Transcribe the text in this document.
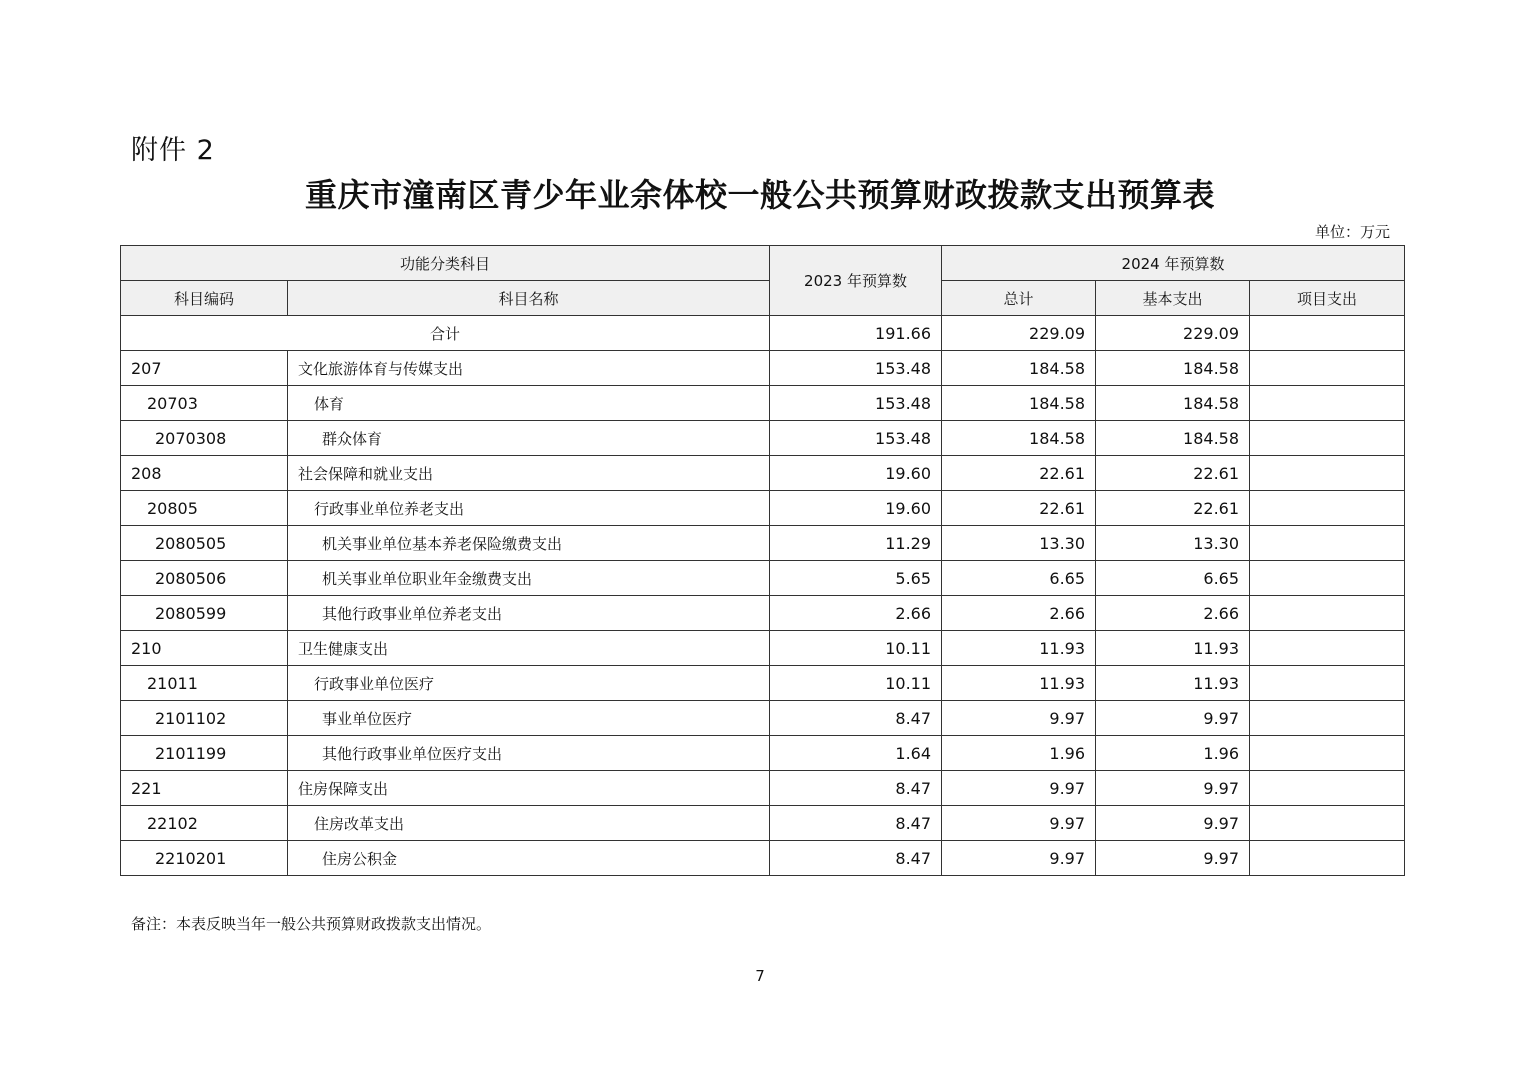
附件 2
重庆市潼南区青少年业余体校一般公共预算财政拨款支出预算表
单位：万元
功能分类科目		2023 年预算数	2024 年预算数		
科目编码	科目名称		总计	基本支出	项目支出
合计		191.66	229.09	229.09	
207	文化旅游体育与传媒支出	153.48	184.58	184.58	
20703	体育	153.48	184.58	184.58	
2070308	群众体育	153.48	184.58	184.58	
208	社会保障和就业支出	19.60	22.61	22.61	
20805	行政事业单位养老支出	19.60	22.61	22.61	
2080505	机关事业单位基本养老保险缴费支出	11.29	13.30	13.30	
2080506	机关事业单位职业年金缴费支出	5.65	6.65	6.65	
2080599	其他行政事业单位养老支出	2.66	2.66	2.66	
210	卫生健康支出	10.11	11.93	11.93	
21011	行政事业单位医疗	10.11	11.93	11.93	
2101102	事业单位医疗	8.47	9.97	9.97	
2101199	其他行政事业单位医疗支出	1.64	1.96	1.96	
221	住房保障支出	8.47	9.97	9.97	
22102	住房改革支出	8.47	9.97	9.97	
2210201	住房公积金	8.47	9.97	9.97	
备注：本表反映当年一般公共预算财政拨款支出情况。
7
